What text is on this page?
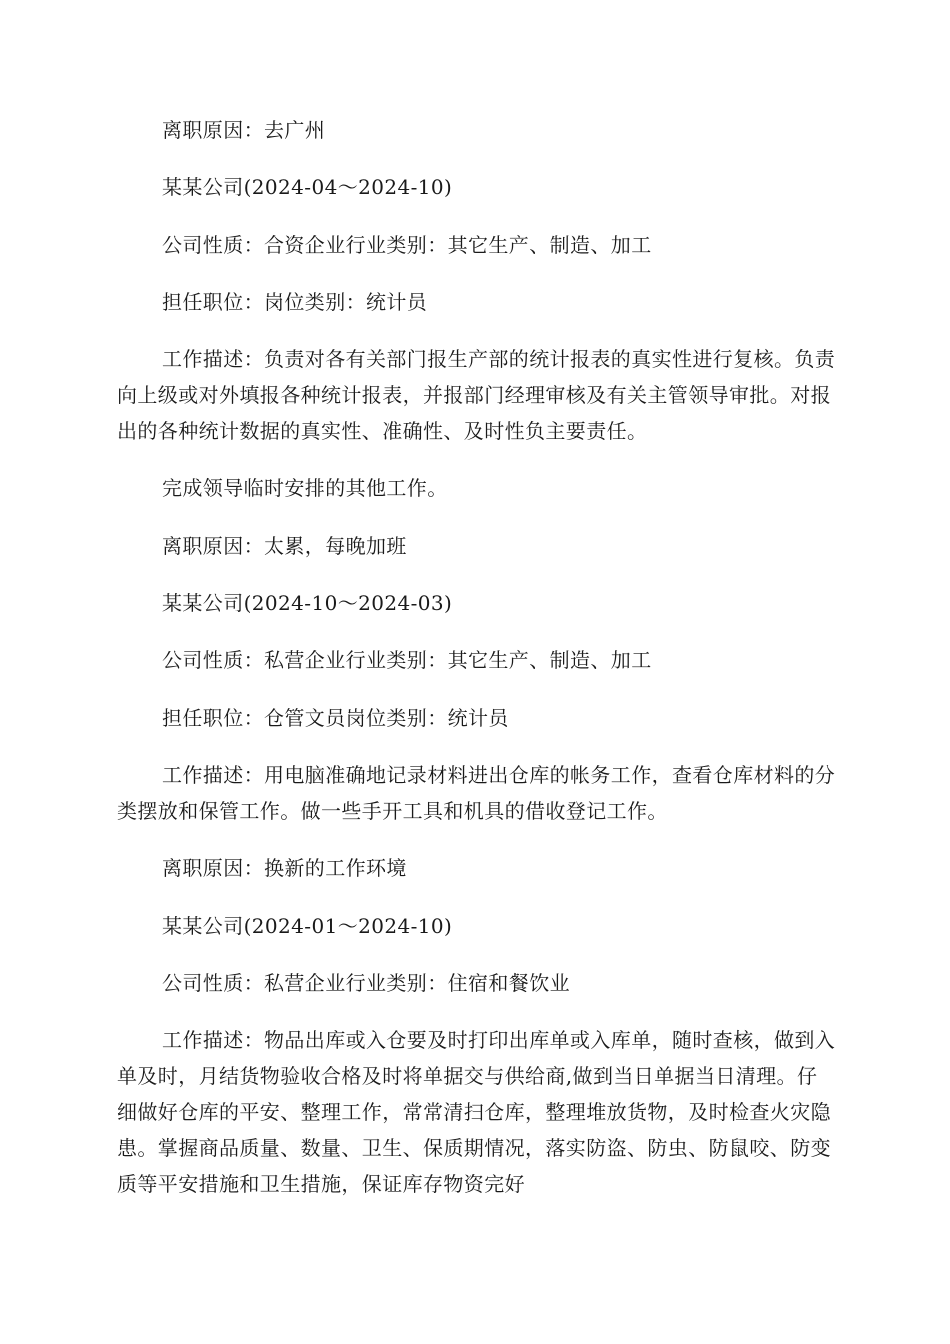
离职原因：去广州

某某公司(2024-04～2024-10)

公司性质：合资企业行业类别：其它生产、制造、加工

担任职位：岗位类别：统计员

工作描述：负责对各有关部门报生产部的统计报表的真实性进行复核。负责向上级或对外填报各种统计报表，并报部门经理审核及有关主管领导审批。对报出的各种统计数据的真实性、准确性、及时性负主要责任。

完成领导临时安排的其他工作。

离职原因：太累，每晚加班

某某公司(2024-10～2024-03)

公司性质：私营企业行业类别：其它生产、制造、加工

担任职位：仓管文员岗位类别：统计员

工作描述：用电脑准确地记录材料进出仓库的帐务工作，查看仓库材料的分类摆放和保管工作。做一些手开工具和机具的借收登记工作。

离职原因：换新的工作环境

某某公司(2024-01～2024-10)

公司性质：私营企业行业类别：住宿和餐饮业

工作描述：物品出库或入仓要及时打印出库单或入库单，随时查核，做到入单及时，月结货物验收合格及时将单据交与供给商,做到当日单据当日清理。仔细做好仓库的平安、整理工作，常常清扫仓库，整理堆放货物，及时检查火灾隐患。掌握商品质量、数量、卫生、保质期情况，落实防盗、防虫、防鼠咬、防变质等平安措施和卫生措施，保证库存物资完好
